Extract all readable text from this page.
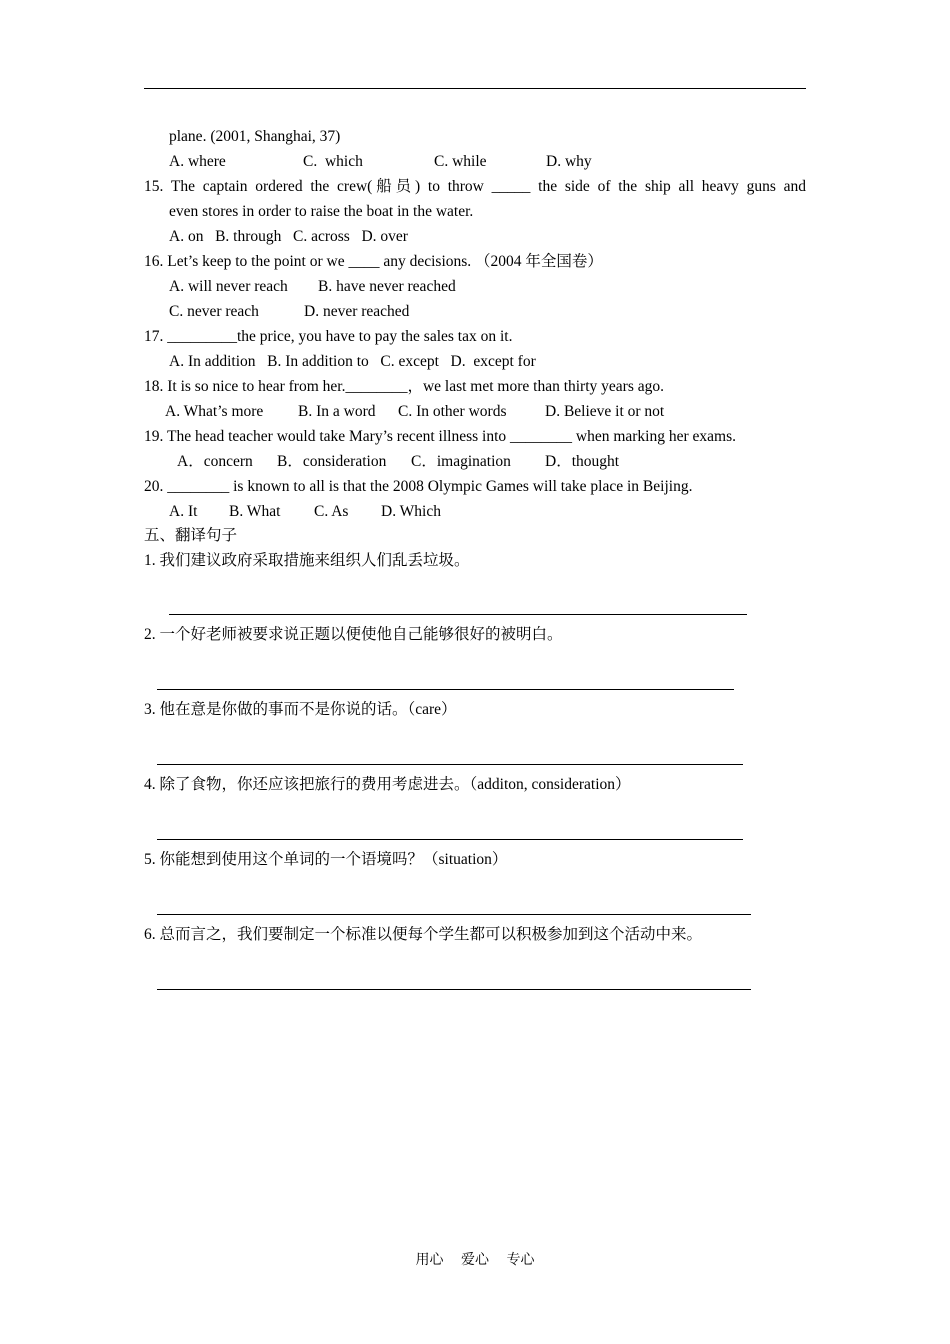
plane. (2001, Shanghai, 37)

A. where

	C.  which

	C. while

	D. why

15. The captain ordered the crew(船员) to throw _____ the side of the ship all heavy guns and
even stores in order to raise the boat in the water.
A. on   B. through   C. across   D. over
16. Let’s keep to the point or we ____ any decisions. （2004 年全国卷）

A. will never reach

B. have never reached

C. never reach

	D. never reached

17. _________the price, you have to pay the sales tax on it.
A. In addition   B. In addition to   C. except   D.  except for
18. It is so nice to hear from her.________，we last met more than thirty years ago.

A. What’s more

B. In a word

C. In other words

D. Believe it or not

19. The head teacher would take Mary’s recent illness into ________ when marking her exams.

A．concern

B．consideration

C．imagination

D．thought

20. ________ is known to all is that the 2008 Olympic Games will take place in Beijing.

A. It

B. What

C. As

D. Which

五、翻译句子
1. 我们建议政府采取措施来组织人们乱丢垃圾。
2. 一个好老师被要求说正题以便使他自己能够很好的被明白。
3. 他在意是你做的事而不是你说的话。（care）
4. 除了食物，你还应该把旅行的费用考虑进去。（additon, consideration）
5. 你能想到使用这个单词的一个语境吗？（situation）
6. 总而言之，我们要制定一个标准以便每个学生都可以积极参加到这个活动中来。
用心 爱心 专心
